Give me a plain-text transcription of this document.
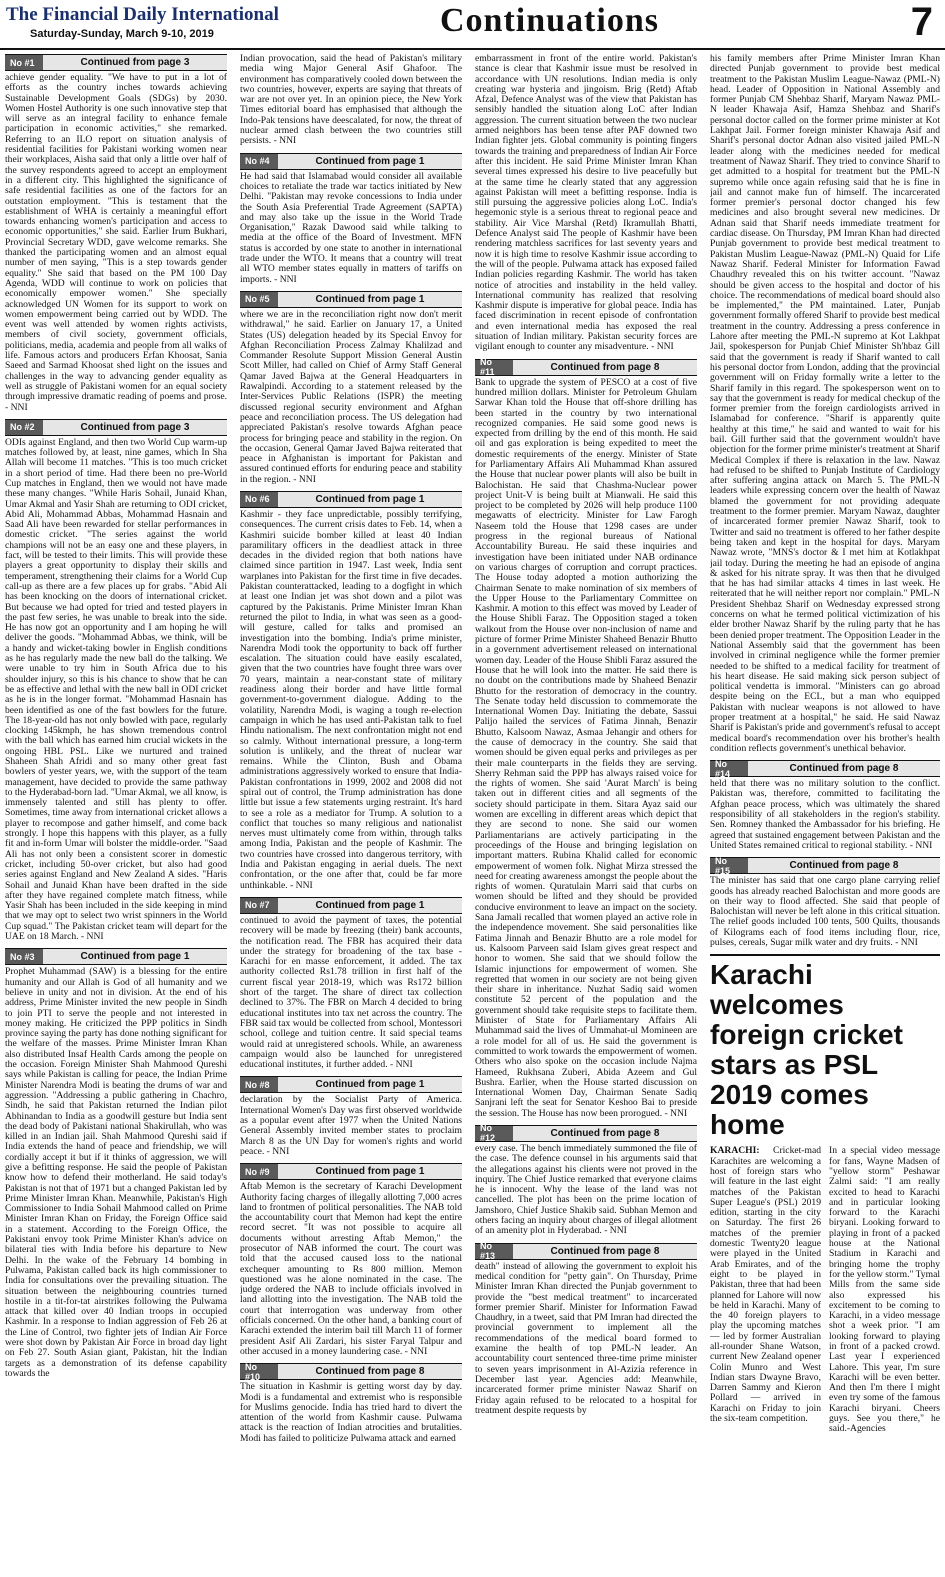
The Financial Daily International
Saturday-Sunday, March 9-10, 2019	Continuations	7
No #1	Continued from page 3
achieve gender equality. "We have to put in a lot of efforts as the country inches towards achieving Sustainable Development Goals (SDGs) by 2030. Women Hostel Authority is one such innovative step that will serve as an integral facility to enhance female participation in economic activities," she remarked. Referring to an ILO report on situation analysis of residential facilities for Pakistani working women near their workplaces, Aisha said that only a little over half of the survey respondents agreed to accept an employment in a different city. This highlighted the significance of safe residential facilities as one of the factors for an outstation employment. "This is testament that the establishment of WHA is certainly a meaningful effort towards enhancing women's participation and access to economic opportunities," she said. Earlier Irum Bukhari, Provincial Secretary WDD, gave welcome remarks. She thanked the participating women and an almost equal number of men saying, "This is a step towards gender equality." She said that based on the PM 100 Day Agenda, WDD will continue to work on policies that economically empower women." She specially acknowledged UN Women for its support to work on women empowerment being carried out by WDD. The event was well attended by women rights activists, members of civil society, government officials, politicians, media, academia and people from all walks of life. Famous actors and producers Erfan Khoosat, Sania Saeed and Sarmad Khoosat shed light on the issues and challenges in the way to advancing gender equality as well as struggle of Pakistani women for an equal society through impressive dramatic reading of poems and prose. - NNI
No #2	Continued from page 3
ODIs against England, and then two World Cup warm-up matches followed by, at least, nine games, which In Sha Allah will become 11 matches. "This is too much cricket in a short period of time. Had there been no pre-World Cup matches in England, then we would not have made these many changes. "While Haris Sohail, Junaid Khan, Umar Akmal and Yasir Shah are returning to ODI cricket, Abid Ali, Mohammad Abbas, Mohammad Hasnain and Saad Ali have been rewarded for stellar performances in domestic cricket. "The series against the world champions will not be an easy one and these players, in fact, will be tested to their limits. This will provide these players a great opportunity to display their skills and temperament, strengthening their claims for a World Cup call-up as there are a few places up for grabs. "Abid Ali has been knocking on the doors of international cricket. But because we had opted for tried and tested players in the past few series, he was unable to break into the side. He has now got an opportunity and I am hoping he will deliver the goods. "Mohammad Abbas, we think, will be a handy and wicket-taking bowler in English conditions as he has regularly made the new ball do the talking. We were unable to try him in South Africa due to his shoulder injury, so this is his chance to show that he can be as effective and lethal with the new ball in ODI cricket as he is in the longer format. "Mohammad Hasnain has been identified as one of the fast bowlers for the future. The 18-year-old has not only bowled with pace, regularly clocking 145kmph, he has shown tremendous control with the ball which has earned him crucial wickets in the ongoing HBL PSL. Like we nurtured and trained Shaheen Shah Afridi and so many other great fast bowlers of yester years, we, with the support of the team management, have decided to provide the same pathway to the Hyderabad-born lad. "Umar Akmal, we all know, is immensely talented and still has plenty to offer. Sometimes, time away from international cricket allows a player to recompose and gather himself, and come back strongly. I hope this happens with this player, as a fully fit and in-form Umar will bolster the middle-order. "Saad Ali has not only been a consistent scorer in domestic cricket, including 50-over cricket, but also had good series against England and New Zealand A sides. "Haris Sohail and Junaid Khan have been drafted in the side after they have regained complete match fitness, while Yasir Shah has been included in the side keeping in mind that we may opt to select two wrist spinners in the World Cup squad." The Pakistan cricket team will depart for the UAE on 18 March. - NNI
No #3	Continued from page 1
Prophet Muhammad (SAW) is a blessing for the entire humanity and our Allah is God of all humanity and we believe in unity and not in division. At the end of his address, Prime Minister invited the new people in Sindh to join PTI to serve the people and not interested in money making. He criticized the PPP politics in Sindh province saying the party has done nothing significant for the welfare of the masses. Prime Minister Imran Khan also distributed Insaf Health Cards among the people on the occasion. Foreign Minister Shah Mahmood Qureshi says while Pakistan is calling for peace, the Indian Prime Minister Narendra Modi is beating the drums of war and aggression. "Addressing a public gathering in Chachro, Sindh, he said that Pakistan returned the Indian pilot Abhinandan to India as a goodwill gesture but India sent the dead body of Pakistani national Shakirullah, who was killed in an Indian jail. Shah Mahmood Qureshi said if India extends the hand of peace and friendship, we will cordially accept it but if it thinks of aggression, we will give a befitting response. He said the people of Pakistan know how to defend their motherland. He said today's Pakistan is not that of 1971 but a changed Pakistan led by Prime Minister Imran Khan. Meanwhile, Pakistan's High Commissioner to India Sohail Mahmood called on Prime Minister Imran Khan on Friday, the Foreign Office said in a statement. According to the Foreign Office, the Pakistani envoy took Prime Minister Khan's advice on bilateral ties with India before his departure to New Delhi. In the wake of the February 14 bombing in Pulwama, Pakistan called back its high commissioner to India for consultations over the prevailing situation. The situation between the neighbouring countries turned hostile in a tit-for-tat airstrikes following the Pulwama attack that killed over 40 Indian troops in occupied Kashmir. In a response to Indian aggression of Feb 26 at the Line of Control, two fighter jets of Indian Air Force were shot down by Pakistan Air Force in broad day light on Feb 27. South Asian giant, Pakistan, hit the Indian targets as a demonstration of its defense capability towards the
Indian provocation, said the head of Pakistan's military media wing Major General Asif Ghafoor. The environment has comparatively cooled down between the two countries, however, experts are saying that threats of war are not over yet. In an opinion piece, the New York Times editorial board has emphasised that although the Indo-Pak tensions have deescalated, for now, the threat of nuclear armed clash between the two countries still persists. - NNI
No #4	Continued from page 1
He had said that Islamabad would consider all available choices to retaliate the trade war tactics initiated by New Delhi. "Pakistan may revoke concessions to India under the South Asia Preferential Trade Agreement (SAPTA) and may also take up the issue in the World Trade Organisation," Razak Dawood said while talking to media at the office of the Board of Investment. MFN status is accorded by one state to another in international trade under the WTO. It means that a country will treat all WTO member states equally in matters of tariffs on imports. - NNI
No #5	Continued from page 1
where we are in the reconciliation right now don't merit withdrawal," he said. Earlier on January 17, a United States (US) delegation headed by its Special Envoy for Afghan Reconciliation Process Zalmay Khalilzad and Commander Resolute Support Mission General Austin Scott Miller, had called on Chief of Army Staff General Qamar Javed Bajwa at the General Headquarters in Rawalpindi. According to a statement released by the Inter-Services Public Relations (ISPR) the meeting discussed regional security environment and Afghan peace and reconciliation process. The US delegation had appreciated Pakistan's resolve towards Afghan peace process for bringing peace and stability in the region. On the occasion, General Qamar Javed Bajwa reiterated that peace in Afghanistan is important for Pakistan and assured continued efforts for enduring peace and stability in the region. - NNI
No #6	Continued from page 1
Kashmir - they face unpredictable, possibly terrifying, consequences. The current crisis dates to Feb. 14, when a Kashmiri suicide bomber killed at least 40 Indian paramilitary officers in the deadliest attack in three decades in the divided region that both nations have claimed since partition in 1947. Last week, India sent warplanes into Pakistan for the first time in five decades. Pakistan counterattacked, leading to a dogfight in which at least one Indian jet was shot down and a pilot was captured by the Pakistanis. Prime Minister Imran Khan returned the pilot to India, in what was seen as a good-will gesture, called for talks and promised an investigation into the bombing. India's prime minister, Narendra Modi took the opportunity to back off further escalation. The situation could have easily escalated, given that the two countries have fought three wars over 70 years, maintain a near-constant state of military readiness along their border and have little formal government-to-government dialogue. Adding to the volatility, Narendra Modi, is waging a tough re-election campaign in which he has used anti-Pakistan talk to fuel Hindu nationalism. The next confrontation might not end so calmly. Without international pressure, a long-term solution is unlikely, and the threat of nuclear war remains. While the Clinton, Bush and Obama administrations aggressively worked to ensure that India-Pakistan confrontations in 1999, 2002 and 2008 did not spiral out of control, the Trump administration has done little but issue a few statements urging restraint. It's hard to see a role as a mediator for Trump. A solution to a conflict that touches so many religious and nationalist nerves must ultimately come from within, through talks among India, Pakistan and the people of Kashmir. The two countries have crossed into dangerous territory, with India and Pakistan engaging in aerial duels. The next confrontation, or the one after that, could be far more unthinkable. - NNI
No #7	Continued from page 1
continued to avoid the payment of taxes, the potential recovery will be made by freezing (their) bank accounts, the notification read. The FBR has acquired their data under the strategy for broadening of the tax base - Karachi for en masse enforcement, it added. The tax authority collected Rs1.78 trillion in first half of the current fiscal year 2018-19, which was Rs172 billion short of the target. The share of direct tax collection declined to 37%. The FBR on March 4 decided to bring educational institutes into tax net across the country. The FBR said tax would be collected from school, Montessori school, college and tuition centre. It said special teams would raid at unregistered schools. While, an awareness campaign would also be launched for unregistered educational institutes, it further added. - NNI
No #8	Continued from page 1
declaration by the Socialist Party of America. International Women's Day was first observed worldwide as a popular event after 1977 when the United Nations General Assembly invited member states to proclaim March 8 as the UN Day for women's rights and world peace. - NNI
No #9	Continued from page 1
Aftab Memon is the secretary of Karachi Development Authority facing charges of illegally allotting 7,000 acres land to frontmen of political personalities. The NAB told the accountability court that Memon had kept the entire record secret. "It was not possible to acquire all documents without arresting Aftab Memon," the prosecutor of NAB informed the court. The court was told that the accused caused loss to the national exchequer amounting to Rs 800 million. Memon questioned was he alone nominated in the case. The judge ordered the NAB to include officials involved in land allotting into the investigation. The NAB told the court that interrogation was underway from other officials concerned. On the other hand, a banking court of Karachi extended the interim bail till March 11 of former president Asif Ali Zardari, his sister Faryal Talpur and other accused in a money laundering case. - NNI
No #10	Continued from page 8
The situation in Kashmir is getting worst day by day. Modi is a fundamental and extremist who is responsible for Muslims genocide. India has tried hard to divert the attention of the world from Kashmir cause. Pulwama attack is the reaction of Indian atrocities and brutalities. Modi has failed to politicize Pulwama attack and earned
embarrassment in front of the entire world. Pakistan's stance is clear that Kashmir issue must be resolved in accordance with UN resolutions. Indian media is only creating war hysteria and jingoism. Brig (Retd) Aftab Afzal, Defence Analyst was of the view that Pakistan has sensibly handled the situation along LoC after Indian aggression. The current situation between the two nuclear armed neighbors has been tense after PAF downed two Indian fighter jets. Global community is pointing fingers towards the training and preparedness of Indian Air Force after this incident. He said Prime Minister Imran Khan several times expressed his desire to live peacefully but at the same time he clearly stated that any aggression against Pakistan will meet a befitting response. India is still pursuing the aggressive policies along LoC. India's hegemonic style is a serious threat to regional peace and stability. Air Vice Marshal (Retd) Ikramullah Bhatti, Defence Analyst said The people of Kashmir have been rendering matchless sacrifices for last seventy years and now it is high time to resolve Kashmir issue according to the will of the people. Pulwama attack has exposed failed Indian policies regarding Kashmir. The world has taken notice of atrocities and instability in the held valley. International community has realized that resolving Kashmir dispute is imperative for global peace. India has faced discrimination in recent episode of confrontation and even international media has exposed the real situation of Indian military. Pakistan security forces are vigilant enough to counter any misadventure. - NNI
No #11	Continued from page 8
Bank to upgrade the system of PESCO at a cost of five hundred million dollars. Minister for Petroleum Ghulam Sarwar Khan told the House that off-shore drilling has been started in the country by two international recognized companies. He said some good news is expected from drilling by the end of this month. He said oil and gas exploration is being expedited to meet the domestic requirements of the energy. Minister of State for Parliamentary Affairs Ali Muhammad Khan assured the House that nuclear power plants will also be built in Balochistan. He said that Chashma-Nuclear power project Unit-V is being built at Mianwali. He said this project to be completed by 2026 will help produce 1100 megawatts of electricity. Minister for Law Farogh Naseem told the House that 1298 cases are under progress in the regional bureaus of National Accountability Bureau. He said these inquiries and investigation have been initiated under NAB ordinance on various charges of corruption and corrupt practices. The House today adopted a motion authorizing the Chairman Senate to make nomination of six members of the Upper House to the Parliamentary Committee on Kashmir. A motion to this effect was moved by Leader of the House Shibli Faraz. The Opposition staged a token walkout from the House over non-inclusion of name and picture of former Prime Minister Shaheed Benazir Bhutto in a government advertisement released on international women day. Leader of the House Shibli Faraz assured the House that he will look into the matter. He said there is no doubt on the contributions made by Shaheed Benazir Bhutto for the restoration of democracy in the country. The Senate today held discussion to commemorate the International Women Day. Initiating the debate, Sassui Palijo hailed the services of Fatima Jinnah, Benazir Bhutto, Kalsoom Nawaz, Asmaa Jehangir and others for the cause of democracy in the country. She said that women should be given equal perks and privileges as per their male counterparts in the fields they are serving. Sherry Rehman said the PPP has always raised voice for the rights of women. She said 'Aurat March' is being taken out in different cities and all segments of the society should participate in them. Sitara Ayaz said our women are excelling in different areas which depict that they are second to none. She said our women Parliamentarians are actively participating in the proceedings of the House and bringing legislation on important matters. Rubina Khalid called for economic empowerment of women folk. Nighat Mirza stressed the need for creating awareness amongst the people about the rights of women. Quratulain Marri said that curbs on women should be lifted and they should be provided conducive environment to leave an impact on the society. Sana Jamali recalled that women played an active role in the independence movement. She said personalities like Fatima Jinnah and Benazir Bhutto are a role model for us. Kalsoom Parveen said Islam gives great respect and honor to women. She said that we should follow the Islamic injunctions for empowerment of women. She regretted that women in our society are not being given their share in inheritance. Nuzhat Sadiq said women constitute 52 percent of the population and the government should take requisite steps to facilitate them. Minister of State for Parliamentary Affairs Ali Muhammad said the lives of Ummahat-ul Momineen are a role model for all of us. He said the government is committed to work towards the empowerment of women. Others who also spoke on the occasion include Najma Hameed, Rukhsana Zuberi, Abida Azeem and Gul Bushra. Earlier, when the House started discussion on International Women Day, Chairman Senate Sadiq Sanjrani left the seat for Senator Keshoo Bai to preside the session. The House has now been prorogued. - NNI
No #12	Continued from page 8
every case. The bench immediately summoned the file of the case. The defence counsel in his arguments said that the allegations against his clients were not proved in the inquiry. The Chief Justice remarked that everyone claims he is innocent. Why the lease of the land was not cancelled. The plot has been on the prime location of Jamshoro, Chief Justice Shakib said. Subhan Memon and others facing an inquiry about charges of illegal allotment of an amenity plot in Hyderabad. - NNI
No #13	Continued from page 8
death" instead of allowing the government to exploit his medical condition for "petty gain". On Thursday, Prime Minister Imran Khan directed the Punjab government to provide the "best medical treatment" to incarcerated former premier Sharif. Minister for Information Fawad Chaudhry, in a tweet, said that PM Imran had directed the provincial government to implement all the recommendations of the medical board formed to examine the health of top PML-N leader. An accountability court sentenced three-time prime minister to seven years imprisonment in Al-Azizia reference in December last year. Agencies add: Meanwhile, incarcerated former prime minister Nawaz Sharif on Friday again refused to be relocated to a hospital for treatment despite requests by
his family members after Prime Minister Imran Khan directed Punjab government to provide best medical treatment to the Pakistan Muslim League-Nawaz (PML-N) head. Leader of Opposition in National Assembly and former Punjab CM Shehbaz Sharif, Maryam Nawaz PML-N leader Khawaja Asif, Hamza Shehbaz and Sharif's personal doctor called on the former prime minister at Kot Lakhpat Jail. Former foreign minister Khawaja Asif and Sharif's personal doctor Adnan also visited jailed PML-N leader along with the medicines needed for medical treatment of Nawaz Sharif. They tried to convince Sharif to get admitted to a hospital for treatment but the PML-N supremo while once again refusing said that he is fine in jail and cannot make fun of himself. The incarcerated former premier's personal doctor changed his few medicines and also brought several new medicines. Dr Adnan said that Sharif needs immediate treatment for cardiac disease. On Thursday, PM Imran Khan had directed Punjab government to provide best medical treatment to Pakistan Muslim League-Nawaz (PML-N) Quaid for Life Nawaz Sharif. Federal Minister for Information Fawad Chaudhry revealed this on his twitter account. "Nawaz should be given access to the hospital and doctor of his choice. The recommendations of medical board should also be implemented," the PM maintained. Later, Punjab government formally offered Sharif to provide best medical treatment in the country. Addressing a press conference in Lahore after meeting the PML-N supremo at Kot Lakhpat Jail, spokesperson for Punjab Chief Minister Sh'hbaz Gill said that the government is ready if Sharif wanted to call his personal doctor from London, adding that the provincial government will on Friday formally write a letter to the Sharif family in this regard. The spokesperson went on to say that the government is ready for medical checkup of the former premier from the foreign cardiologists arrived in Islamabad for conference. "Sharif is apparently quite healthy at this time," he said and wanted to wait for his bail. Gill further said that the government wouldn't have objection for the former prime minister's treatment at Sharif Medical Complex if there is relaxation in the law. Nawaz had refused to be shifted to Punjab Institute of Cardiology after suffering angina attack on March 5. The PML-N leaders while expressing concern over the health of Nawaz blamed the government for not providing adequate treatment to the former premier. Maryam Nawaz, daughter of incarcerated former premier Nawaz Sharif, took to Twitter and said no treatment is offered to her father despite being taken and kept in the hospital for days. Maryam Nawaz wrote, "MNS's doctor & I met him at Kotlakhpat jail today. During the meeting he had an episode of angina & asked for his nitrate spray. It was then that he divulged that he has had similar attacks 4 times in last week. He reiterated that he will neither report nor complain." PML-N President Shehbaz Sharif on Wednesday expressed strong concerns on what he termed political victimization of his elder brother Nawaz Sharif by the ruling party that he has been denied proper treatment. The Opposition Leader in the National Assembly said that the government has been involved in criminal negligence while the former premier needed to be shifted to a medical facility for treatment of his heart disease. He said making sick person subject of political vendetta is immoral. "Ministers can go abroad despite being on the ECL, but a man who equipped Pakistan with nuclear weapons is not allowed to have proper treatment at a hospital," he said. He said Nawaz Sharif is Pakistan's pride and government's refusal to accept medical board's recommendation over his brother's health condition reflects government's unethical behavior.
No #14	Continued from page 8
held that there was no military solution to the conflict. Pakistan was, therefore, committed to facilitating the Afghan peace process, which was ultimately the shared responsibility of all stakeholders in the region's stability. Sen. Romney thanked the Ambassador for his briefing. He agreed that sustained engagement between Pakistan and the United States remained critical to regional stability. - NNI
No #15	Continued from page 8
The minister has said that one cargo plane carrying relief goods has already reached Balochistan and more goods are on their way to flood affected. She said that people of Balochistan will never be left alone in this critical situation. The relief goods included 100 tents, 500 Quilts, thousands of Kilograms each of food items including flour, rice, pulses, cereals, Sugar milk water and dry fruits. - NNI
Karachi welcomes foreign cricket stars as PSL 2019 comes home
KARACHI: Cricket-mad Karachites are welcoming a host of foreign stars who will feature in the last eight matches of the Pakistan Super League's (PSL) 2019 edition, starting in the city on Saturday. The first 26 matches of the premier domestic Twenty20 league were played in the United Arab Emirates, and of the eight to be played in Pakistan, three that had been planned for Lahore will now be held in Karachi. Many of the 40 foreign players to play the upcoming matches — led by former Australian all-rounder Shane Watson, current New Zealand opener Colin Munro and West Indian stars Dwayne Bravo, Darren Sammy and Kieron Pollard — arrived in Karachi on Friday to join the six-team competition.
In a special video message for fans, Wayne Madsen of "yellow storm" Peshawar Zalmi said: "I am really excited to head to Karachi and in particular looking forward to the Karachi biryani. Looking forward to playing in front of a packed house at the National Stadium in Karachi and bringing home the trophy for the yellow storm." Tymal Mills from the same side also expressed his excitement to be coming to Karachi, in a video message shot a week prior. "I am looking forward to playing in front of a packed crowd. Last year I experienced Lahore. This year, I'm sure Karachi will be even better. And then I'm there I might even try some of the famous Karachi biryani. Cheers guys. See you there," he said.-Agencies
